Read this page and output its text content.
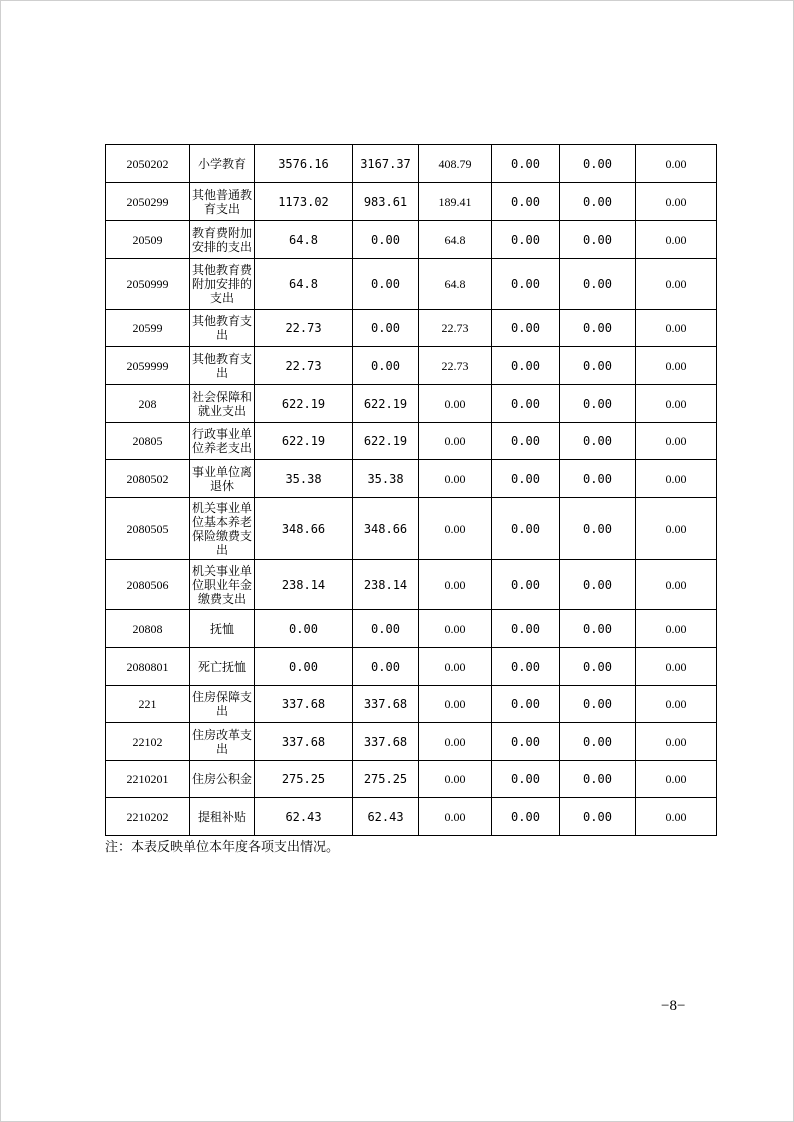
2050202	小学教育	3576.16	3167.37	408.79	0.00	0.00	0.00
2050299	其他普通教育支出	1173.02	983.61	189.41	0.00	0.00	0.00
20509	教育费附加安排的支出	64.8	0.00	64.8	0.00	0.00	0.00
2050999	其他教育费附加安排的支出	64.8	0.00	64.8	0.00	0.00	0.00
20599	其他教育支出	22.73	0.00	22.73	0.00	0.00	0.00
2059999	其他教育支出	22.73	0.00	22.73	0.00	0.00	0.00
208	社会保障和就业支出	622.19	622.19	0.00	0.00	0.00	0.00
20805	行政事业单位养老支出	622.19	622.19	0.00	0.00	0.00	0.00
2080502	事业单位离退休	35.38	35.38	0.00	0.00	0.00	0.00
2080505	机关事业单位基本养老保险缴费支出	348.66	348.66	0.00	0.00	0.00	0.00
2080506	机关事业单位职业年金缴费支出	238.14	238.14	0.00	0.00	0.00	0.00
20808	抚恤	0.00	0.00	0.00	0.00	0.00	0.00
2080801	死亡抚恤	0.00	0.00	0.00	0.00	0.00	0.00
221	住房保障支出	337.68	337.68	0.00	0.00	0.00	0.00
22102	住房改革支出	337.68	337.68	0.00	0.00	0.00	0.00
2210201	住房公积金	275.25	275.25	0.00	0.00	0.00	0.00
2210202	提租补贴	62.43	62.43	0.00	0.00	0.00	0.00
注：本表反映单位本年度各项支出情况。
−8−
